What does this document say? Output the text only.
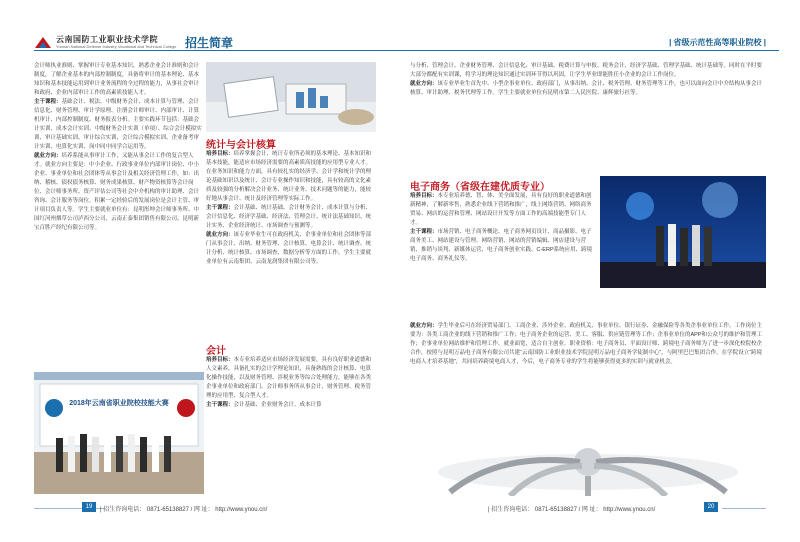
云南国防工业职业技术学院
Yunnan National Defense Industry Vocational and Technical College 招生简章	| 省级示范性高等职业院校 |
会计师执业准则、掌握审计专业基本知识，熟悉企业会计准则和会计制度，了解企业基本的内部控制制度，具备将审计的基本理论、基本知识和基本技能运用到审计业务流程的全过程的能力，从事社会审计和政府、企业内部审计工作的高素质技能人才。
主干课程：基础会计、税法、中级财务会计、成本计算与管理、会计信息化、财务管理、审计学原理、注册会计师审计、内部审计、计算机审计、内部控制制度、财务报表分析。主要实践环节包括：基础会计实训、成本会计实训、中级财务会计实训（单项）、综合会计模拟实训、审计基础实训、审计综合实训、会计综合模拟实训、企业备考审计实训、电算化实训、岗中同中同学合运用等。
就业方向：培养系能从事审计工作，又能从事会计工作的复合型人才。就业方向主要是：中小企业、行政事业单位内部审计岗位、中小企业、事业单位和社会团体等从事会计及相关经济管理工作，如：出纳、稽核、债权债务核算、财务成果核算、财产物资核算等会计岗位、会计师事务所、资产评估公司等社会中介机构的审计助理、会计咨询、会计服务等岗位。积累一定经验后的发展岗位是会计主管、审计项目负责人等。学生主要就业单位有：昆明彤坤会计师事务所、中国红河州烟草公司泸西分公司、云南正泰集团销售有限公司、昆明新宝百胜产经纪有限公司等。
2018年云南省职业院校技能大赛
统计与会计核算
培养目标：培养掌握会计、统计专业所必须的基本理论、基本知识和基本技能，能适应市场经济需要的高素质高技能的应用型专业人才。在业务知识和能力方面，具有较扎实的经济学、会计学和统计学的理论基础知识以及统计、会计专业操作知识和技能，具有较高的文化素质及较强的分析解决会计业务、统计业务、技术问题等的能力，能较好地从事会计、统计及经济管理等实际工作。
主干课程：会计基础、统计基础、会计财务会计、成本计算与分析、会计信息化、经济学基础、经济法、管理会计、统计法基础知识、统计实务、企业经济统计、市场调查与预测等。
就业方向：该专业毕业生可在政府机关、企事业单位和社会团体等部门从事会计、出纳、财务管理、会计核算、电算会计、统计调查、统计分析、统计核算、市场调查、数据分析等方面的工作。学生主要就业单位有云南集团、云南龙润集团有限公司等。
会计
培养目标：本专业培养适应市场经济发展需要，具有良好职业道德和人文素养，具备扎实的会计学理论知识，具备熟练的会计核算、电算化操作技能，以及财务管理、涉税业务等综合处理能力，能够在各类企事业单位和政府部门、会计师事务所从事会计、财务管理、税务管理的应用型、复合型人才。
主干课程：会计基础、企业财务会计、成本计算
与分析、管理会计、企业财务管理、会计信息化、审计基础、税费计算与申报、税务会计、经济学基础、管理学基础、统计基础等。同时在平时要大部分都配有实训课，将学习的理论知识通过实训环节得以巩固，让学生毕业即能胜任小企业的会计工作岗位。
就业方向：该专业毕业生首先中、小型企事业单位、政府部门，从事出纳、会计、税务管理、财务管理等工作，也可以面向会计中介结构从事会计核算、审计助理、税务代理等工作。学生主要就业单位有昆明市第二人民医院、康辉旅行社等。
电子商务（省级在建优质专业）
培养目标：本专业培养德、智、体、美全面发展，具有良好的职业道德和创新精神，了解新零售，熟悉企业线下营销和推广，线上网络营销、网络商务贸易、网店的运营和管理、网站设计开发等方面工作的高端技能型专门人才。
主干课程：市场营销、电子商务概论、电子商务网页设计、商品摄影、电子商务美工、网站建设与管理、网络营销、网站的营销编辑、网店建设与营销、推销与谈判、新媒体运营、电子商务创业实践、C-ERP系统应用、跨境电子商务、商务礼仪等。
就业方向：学生毕业后可在经济贸易部门、工商企业、涉外企业、政府机关、事业单位、银行证券、金融保险等各类企事业单位工作。工作岗位主要为：各类工商企业的线下营销和推广工作；电子商务企业的运营、美工、客服、供应链管理等工作；企事业单位的APP和公众号的维护和管理工作；企事业单位网站维护和管理工作。就业面宽，适合自主创业。职业资格：电子商务员、平面设计师、跨境电子商务师为了进一步深化校院校企合作，按照与昆明万品电子商务有限公司共建“云南国防工业职业技术学院昆明万品电子商务学徒制中心”，与阿里巴巴集团合作，在学院设立“跨境电商人才培养基地”，共同培养跨境电商人才，今后，电子商务专业的学生将能够获得更多的实训与就业机会。
19	| 招生咨询电话： 0871-65138827 / 网 址： http://www.ynou.cn/	| 招生咨询电话： 0871-65138827 / 网 址： http://www.ynou.cn/	20
